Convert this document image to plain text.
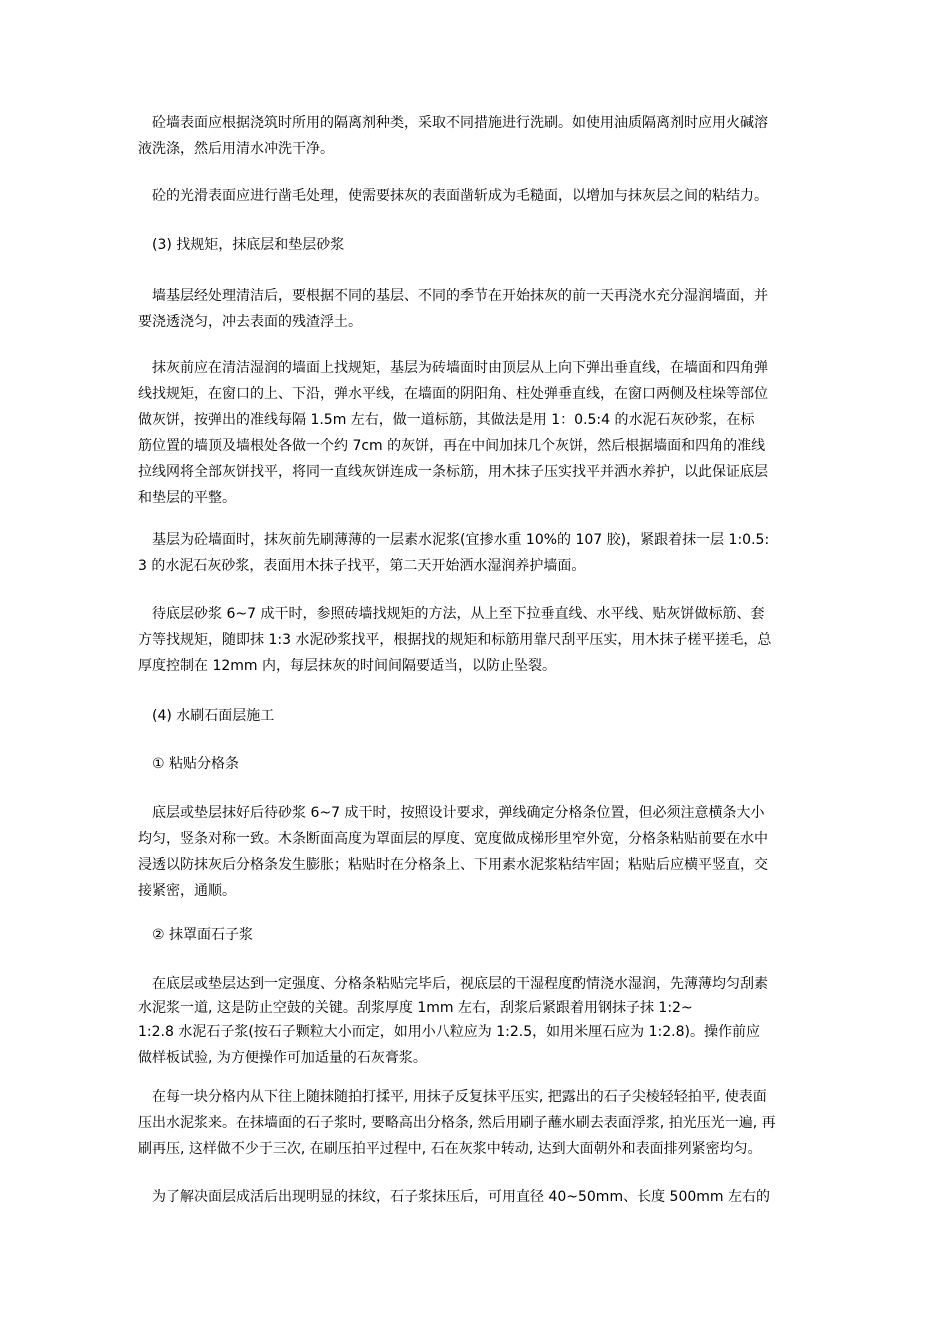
砼墙表面应根据浇筑时所用的隔离剂种类，采取不同措施进行洗刷。如使用油质隔离剂时应用火碱溶
液洗涤，然后用清水冲洗干净。
砼的光滑表面应进行凿毛处理，使需要抹灰的表面凿斩成为毛糙面，以增加与抹灰层之间的粘结力。
(3) 找规矩，抹底层和垫层砂浆
墙基层经处理清洁后，要根据不同的基层、不同的季节在开始抹灰的前一天再浇水充分湿润墙面，并
要浇透浇匀，冲去表面的残渣浮土。
抹灰前应在清洁湿润的墙面上找规矩，基层为砖墙面时由顶层从上向下弹出垂直线，在墙面和四角弹
线找规矩，在窗口的上、下沿，弹水平线，在墙面的阴阳角、柱处弹垂直线，在窗口两侧及柱垛等部位
做灰饼，按弹出的准线每隔 1.5m 左右，做一道标筋，其做法是用 1：0.5:4 的水泥石灰砂浆，在标
筋位置的墙顶及墙根处各做一个约 7cm 的灰饼，再在中间加抹几个灰饼，然后根据墙面和四角的准线
拉线网将全部灰饼找平，将同一直线灰饼连成一条标筋，用木抹子压实找平并洒水养护，以此保证底层
和垫层的平整。
基层为砼墙面时，抹灰前先刷薄薄的一层素水泥浆(宜掺水重 10%的 107 胶)，紧跟着抹一层 1:0.5:
3 的水泥石灰砂浆，表面用木抹子找平，第二天开始洒水湿润养护墙面。
待底层砂浆 6~7 成干时，参照砖墙找规矩的方法，从上至下拉垂直线、水平线、贴灰饼做标筋、套
方等找规矩，随即抹 1:3 水泥砂浆找平，根据找的规矩和标筋用靠尺刮平压实，用木抹子槎平搓毛，总
厚度控制在 12mm 内，每层抹灰的时间间隔要适当，以防止坠裂。
(4) 水刷石面层施工
① 粘贴分格条
底层或垫层抹好后待砂浆 6~7 成干时，按照设计要求，弹线确定分格条位置，但必须注意横条大小
均匀，竖条对称一致。木条断面高度为罩面层的厚度、宽度做成梯形里窄外宽，分格条粘贴前要在水中
浸透以防抹灰后分格条发生膨胀；粘贴时在分格条上、下用素水泥浆粘结牢固；粘贴后应横平竖直，交
接紧密，通顺。
② 抹罩面石子浆
在底层或垫层达到一定强度、分格条粘贴完毕后，视底层的干湿程度酌情浇水湿润，先薄薄均匀刮素
水泥浆一道, 这是防止空鼓的关键。刮浆厚度 1mm 左右，刮浆后紧跟着用钢抹子抹 1:2~
1:2.8 水泥石子浆(按石子颗粒大小而定，如用小八粒应为 1:2.5，如用米厘石应为 1:2.8)。操作前应
做样板试验, 为方便操作可加适量的石灰膏浆。
在每一块分格内从下往上随抹随拍打揉平, 用抹子反复抹平压实, 把露出的石子尖棱轻轻拍平, 使表面
压出水泥浆来。在抹墙面的石子浆时, 要略高出分格条, 然后用刷子蘸水刷去表面浮浆, 拍光压光一遍, 再
刷再压, 这样做不少于三次, 在刷压拍平过程中, 石在灰浆中转动, 达到大面朝外和表面排列紧密均匀。
为了解决面层成活后出现明显的抹纹，石子浆抹压后，可用直径 40~50mm、长度 500mm 左右的
